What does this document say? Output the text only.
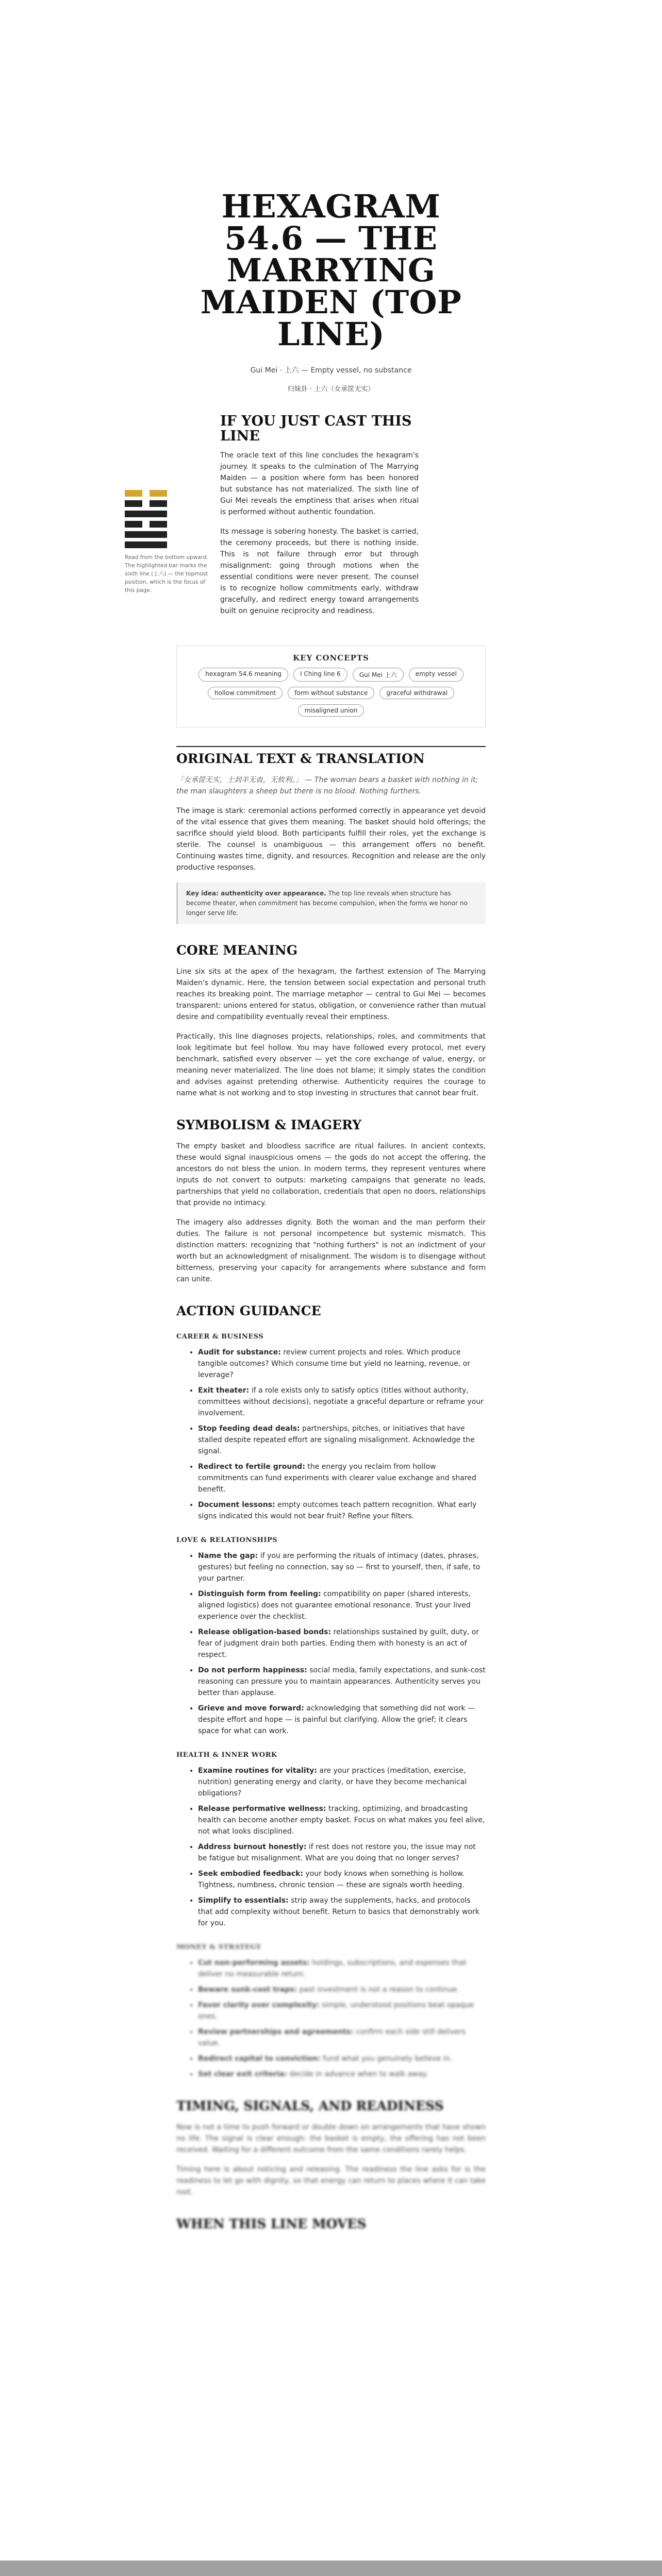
HEXAGRAM 54.6 — THE MARRYING MAIDEN (TOP LINE)
Gui Mei · 上六 — Empty vessel, no substance
归妹卦 · 上六（女承筐无实）
Read from the bottom upward. The highlighted bar marks the sixth line (上六) — the topmost position, which is the focus of this page.
IF YOU JUST CAST THIS LINE

The oracle text of this line concludes the hexagram's journey. It speaks to the culmination of The Marrying Maiden — a position where form has been honored but substance has not materialized. The sixth line of Gui Mei reveals the emptiness that arises when ritual is performed without authentic foundation.

Its message is sobering honesty. The basket is carried, the ceremony proceeds, but there is nothing inside. This is not failure through error but through misalignment: going through motions when the essential conditions were never present. The counsel is to recognize hollow commitments early, withdraw gracefully, and redirect energy toward arrangements built on genuine reciprocity and readiness.

KEY CONCEPTS
hexagram 54.6 meaning	I Ching line 6	Gui Mei 上六	empty vessel
hollow commitment	form without substance	graceful withdrawal
misaligned union
ORIGINAL TEXT & TRANSLATION

「女承筐无实，士刲羊无血，无攸利。」 — The woman bears a basket with nothing in it; the man slaughters a sheep but there is no blood. Nothing furthers.

The image is stark: ceremonial actions performed correctly in appearance yet devoid of the vital essence that gives them meaning. The basket should hold offerings; the sacrifice should yield blood. Both participants fulfill their roles, yet the exchange is sterile. The counsel is unambiguous — this arrangement offers no benefit. Continuing wastes time, dignity, and resources. Recognition and release are the only productive responses.

Key idea: authenticity over appearance. The top line reveals when structure has become theater, when commitment has become compulsion, when the forms we honor no longer serve life.
CORE MEANING

Line six sits at the apex of the hexagram, the farthest extension of The Marrying Maiden's dynamic. Here, the tension between social expectation and personal truth reaches its breaking point. The marriage metaphor — central to Gui Mei — becomes transparent: unions entered for status, obligation, or convenience rather than mutual desire and compatibility eventually reveal their emptiness.

Practically, this line diagnoses projects, relationships, roles, and commitments that look legitimate but feel hollow. You may have followed every protocol, met every benchmark, satisfied every observer — yet the core exchange of value, energy, or meaning never materialized. The line does not blame; it simply states the condition and advises against pretending otherwise. Authenticity requires the courage to name what is not working and to stop investing in structures that cannot bear fruit.

SYMBOLISM & IMAGERY

The empty basket and bloodless sacrifice are ritual failures. In ancient contexts, these would signal inauspicious omens — the gods do not accept the offering, the ancestors do not bless the union. In modern terms, they represent ventures where inputs do not convert to outputs: marketing campaigns that generate no leads, partnerships that yield no collaboration, credentials that open no doors, relationships that provide no intimacy.

The imagery also addresses dignity. Both the woman and the man perform their duties. The failure is not personal incompetence but systemic mismatch. This distinction matters: recognizing that "nothing furthers" is not an indictment of your worth but an acknowledgment of misalignment. The wisdom is to disengage without bitterness, preserving your capacity for arrangements where substance and form can unite.

ACTION GUIDANCE
CAREER & BUSINESS
• Audit for substance: review current projects and roles. Which produce tangible outcomes? Which consume time but yield no learning, revenue, or leverage?
• Exit theater: if a role exists only to satisfy optics (titles without authority, committees without decisions), negotiate a graceful departure or reframe your involvement.
• Stop feeding dead deals: partnerships, pitches, or initiatives that have stalled despite repeated effort are signaling misalignment. Acknowledge the signal.
• Redirect to fertile ground: the energy you reclaim from hollow commitments can fund experiments with clearer value exchange and shared benefit.
• Document lessons: empty outcomes teach pattern recognition. What early signs indicated this would not bear fruit? Refine your filters.
LOVE & RELATIONSHIPS
• Name the gap: if you are performing the rituals of intimacy (dates, phrases, gestures) but feeling no connection, say so — first to yourself, then, if safe, to your partner.
• Distinguish form from feeling: compatibility on paper (shared interests, aligned logistics) does not guarantee emotional resonance. Trust your lived experience over the checklist.
• Release obligation-based bonds: relationships sustained by guilt, duty, or fear of judgment drain both parties. Ending them with honesty is an act of respect.
• Do not perform happiness: social media, family expectations, and sunk-cost reasoning can pressure you to maintain appearances. Authenticity serves you better than applause.
• Grieve and move forward: acknowledging that something did not work — despite effort and hope — is painful but clarifying. Allow the grief; it clears space for what can work.
HEALTH & INNER WORK
• Examine routines for vitality: are your practices (meditation, exercise, nutrition) generating energy and clarity, or have they become mechanical obligations?
• Release performative wellness: tracking, optimizing, and broadcasting health can become another empty basket. Focus on what makes you feel alive, not what looks disciplined.
• Address burnout honestly: if rest does not restore you, the issue may not be fatigue but misalignment. What are you doing that no longer serves?
• Seek embodied feedback: your body knows when something is hollow. Tightness, numbness, chronic tension — these are signals worth heeding.
• Simplify to essentials: strip away the supplements, hacks, and protocols that add complexity without benefit. Return to basics that demonstrably work for you.
MONEY & STRATEGY
• Cut non-performing assets: holdings, subscriptions, and expenses that deliver no measurable return.
• Beware sunk-cost traps: past investment is not a reason to continue.
• Favor clarity over complexity: simple, understood positions beat opaque ones.
• Review partnerships and agreements: confirm each side still delivers value.
• Redirect capital to conviction: fund what you genuinely believe in.
• Set clear exit criteria: decide in advance when to walk away.
TIMING, SIGNALS, AND READINESS

Now is not a time to push forward or double down on arrangements that have shown no life. The signal is clear enough: the basket is empty, the offering has not been received. Waiting for a different outcome from the same conditions rarely helps.

Timing here is about noticing and releasing. The readiness the line asks for is the readiness to let go with dignity, so that energy can return to places where it can take root.

WHEN THIS LINE MOVES
